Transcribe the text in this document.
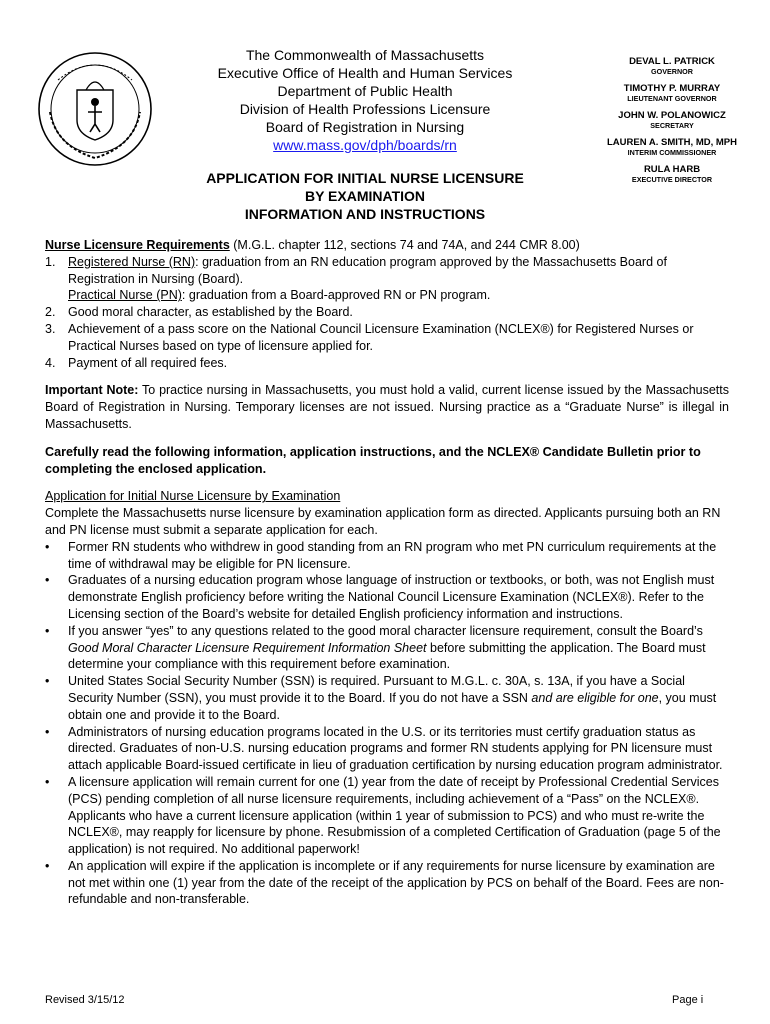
The Commonwealth of Massachusetts
Executive Office of Health and Human Services
Department of Public Health
Division of Health Professions Licensure
Board of Registration in Nursing
www.mass.gov/dph/boards/rn
DEVAL L. PATRICK
GOVERNOR
TIMOTHY P. MURRAY
LIEUTENANT GOVERNOR
JOHN W. POLANOWICZ
SECRETARY
LAUREN A. SMITH, MD, MPH
INTERIM COMMISSIONER
RULA HARB
EXECUTIVE DIRECTOR
APPLICATION FOR INITIAL NURSE LICENSURE
BY EXAMINATION
INFORMATION AND INSTRUCTIONS
Nurse Licensure Requirements (M.G.L. chapter 112, sections 74 and 74A, and 244 CMR 8.00)
1. Registered Nurse (RN): graduation from an RN education program approved by the Massachusetts Board of Registration in Nursing (Board).
Practical Nurse (PN): graduation from a Board-approved RN or PN program.
2. Good moral character, as established by the Board.
3. Achievement of a pass score on the National Council Licensure Examination (NCLEX®) for Registered Nurses or Practical Nurses based on type of licensure applied for.
4. Payment of all required fees.
Important Note: To practice nursing in Massachusetts, you must hold a valid, current license issued by the Massachusetts Board of Registration in Nursing. Temporary licenses are not issued. Nursing practice as a “Graduate Nurse” is illegal in Massachusetts.
Carefully read the following information, application instructions, and the NCLEX® Candidate Bulletin prior to completing the enclosed application.
Application for Initial Nurse Licensure by Examination
Complete the Massachusetts nurse licensure by examination application form as directed. Applicants pursuing both an RN and PN license must submit a separate application for each.
• Former RN students who withdrew in good standing from an RN program who met PN curriculum requirements at the time of withdrawal may be eligible for PN licensure.
• Graduates of a nursing education program whose language of instruction or textbooks, or both, was not English must demonstrate English proficiency before writing the National Council Licensure Examination (NCLEX®). Refer to the Licensing section of the Board’s website for detailed English proficiency information and instructions.
• If you answer “yes” to any questions related to the good moral character licensure requirement, consult the Board’s Good Moral Character Licensure Requirement Information Sheet before submitting the application. The Board must determine your compliance with this requirement before examination.
• United States Social Security Number (SSN) is required. Pursuant to M.G.L. c. 30A, s. 13A, if you have a Social Security Number (SSN), you must provide it to the Board. If you do not have a SSN and are eligible for one, you must obtain one and provide it to the Board.
• Administrators of nursing education programs located in the U.S. or its territories must certify graduation status as directed. Graduates of non-U.S. nursing education programs and former RN students applying for PN licensure must attach applicable Board-issued certificate in lieu of graduation certification by nursing education program administrator.
• A licensure application will remain current for one (1) year from the date of receipt by Professional Credential Services (PCS) pending completion of all nurse licensure requirements, including achievement of a “Pass” on the NCLEX®. Applicants who have a current licensure application (within 1 year of submission to PCS) and who must re-write the NCLEX®, may reapply for licensure by phone. Resubmission of a completed Certification of Graduation (page 5 of the application) is not required. No additional paperwork!
• An application will expire if the application is incomplete or if any requirements for nurse licensure by examination are not met within one (1) year from the date of the receipt of the application by PCS on behalf of the Board. Fees are non-refundable and non-transferable.
Revised 3/15/12	Page i
